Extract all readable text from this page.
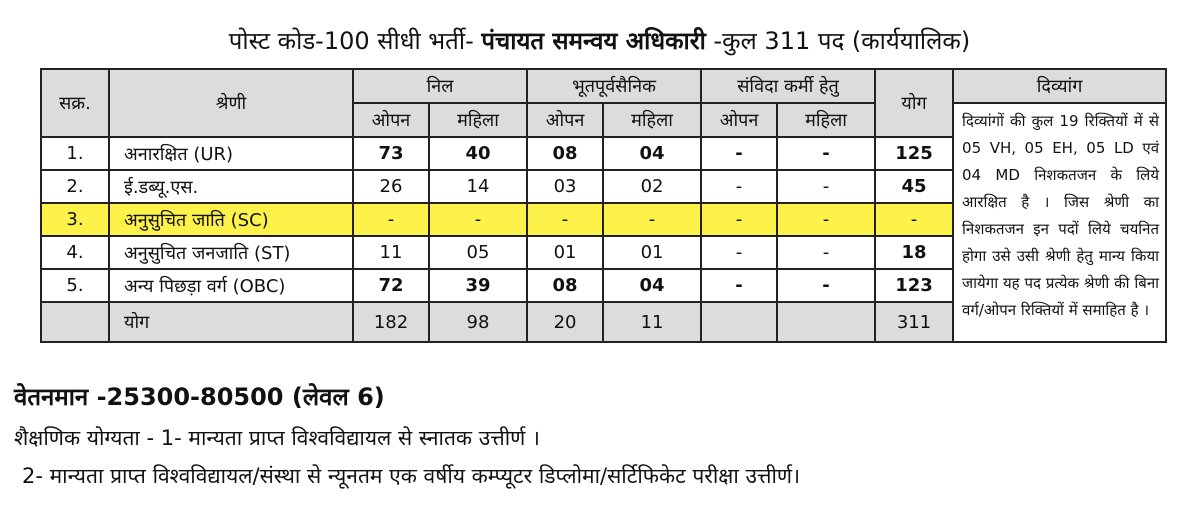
पोस्ट कोड-100 सीधी भर्ती- पंचायत समन्वय अधिकारी -कुल 311 पद (कार्ययालिक)
सक्र.	श्रेणी	निल		भूतपूर्वसैनिक		संविदा कर्मी हेतु		योग	दिव्यांग
		ओपन	महिला	ओपन	महिला	ओपन	महिला		दिव्यांगों की कुल 19 रिक्तियों में से 05 VH, 05 EH, 05 LD एवं 04 MD निशकतजन के लिये आरक्षित है । जिस श्रेणी का निशकतजन इन पदों लिये चयनित होगा उसे उसी श्रेणी हेतु मान्य किया जायेगा यह पद प्रत्येक श्रेणी की बिना वर्ग/ओपन रिक्तियों में समाहित है ।
1.	अनारक्षित (UR)	73	40	08	04	-	-	125	
2.	ई.डब्यू.एस.	26	14	03	02	-	-	45	
3.	अनुसुचित जाति (SC)	-	-	-	-	-	-	-	
4.	अनुसुचित जनजाति (ST)	11	05	01	01	-	-	18	
5.	अन्य पिछड़ा वर्ग (OBC)	72	39	08	04	-	-	123	
	योग	182	98	20	11			311	
वेतनमान -25300-80500 (लेवल 6)
शैक्षणिक योग्यता - 1- मान्यता प्राप्त विश्वविद्यायल से स्नातक उत्तीर्ण ।
2- मान्यता प्राप्त विश्वविद्यायल/संस्था से न्यूनतम एक वर्षीय कम्प्यूटर डिप्लोमा/सर्टिफिकेट परीक्षा उत्तीर्ण।
